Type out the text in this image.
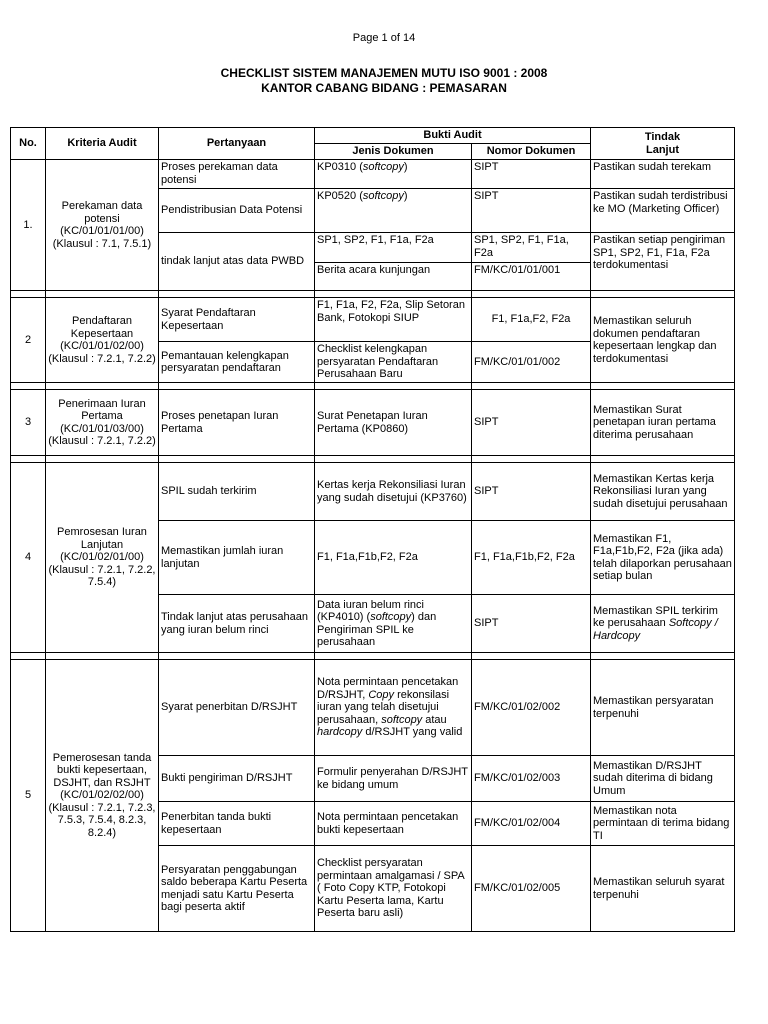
Page 1 of 14
CHECKLIST SISTEM MANAJEMEN MUTU ISO 9001 : 2008
KANTOR CABANG BIDANG : PEMASARAN
No.	Kriteria Audit	Pertanyaan	Bukti Audit		Tindak
Lanjut

			Jenis Dokumen	Nomor Dokumen	
1.	Perekaman data potensi (KC/01/01/01/00) (Klausul : 7.1, 7.5.1)	Proses perekaman data potensi	KP0310 (softcopy)	SIPT	Pastikan sudah terekam
		Pendistribusian Data Potensi	KP0520 (softcopy)	SIPT	Pastikan sudah terdistribusi ke MO (Marketing Officer)
		tindak lanjut atas data PWBD	SP1, SP2, F1, F1a, F2a	SP1, SP2, F1, F1a, F2a	Pastikan setiap pengiriman SP1, SP2, F1, F1a, F2a terdokumentasi
			Berita acara kunjungan	FM/KC/01/01/001	

2	Pendaftaran Kepesertaan (KC/01/01/02/00) (Klausul : 7.2.1, 7.2.2)	Syarat Pendaftaran Kepesertaan	F1, F1a, F2, F2a, Slip Setoran Bank, Fotokopi SIUP	F1, F1a,F2, F2a	Memastikan seluruh dokumen pendaftaran kepesertaan lengkap dan terdokumentasi
		Pemantauan kelengkapan persyaratan pendaftaran	Checklist kelengkapan persyaratan Pendaftaran Perusahaan Baru	FM/KC/01/01/002	

3	Penerimaan Iuran Pertama (KC/01/01/03/00) (Klausul : 7.2.1, 7.2.2)	Proses penetapan Iuran Pertama	Surat Penetapan Iuran Pertama (KP0860)	SIPT	Memastikan Surat penetapan iuran pertama diterima perusahaan

4	Pemrosesan Iuran Lanjutan (KC/01/02/01/00) (Klausul : 7.2.1, 7.2.2, 7.5.4)	SPIL sudah terkirim	Kertas kerja Rekonsiliasi Iuran yang sudah disetujui (KP3760)	SIPT	Memastikan Kertas kerja Rekonsiliasi Iuran yang sudah disetujui perusahaan
		Memastikan jumlah iuran lanjutan	F1, F1a,F1b,F2, F2a	F1, F1a,F1b,F2, F2a	Memastikan F1, F1a,F1b,F2, F2a (jika ada) telah dilaporkan perusahaan setiap bulan
		Tindak lanjut atas perusahaan yang iuran belum rinci	Data iuran belum rinci (KP4010) (softcopy) dan Pengiriman SPIL ke perusahaan	SIPT	Memastikan SPIL terkirim ke perusahaan Softcopy / Hardcopy

5	Pemerosesan tanda bukti kepesertaan, DSJHT, dan RSJHT (KC/01/02/02/00) (Klausul : 7.2.1, 7.2.3, 7.5.3, 7.5.4, 8.2.3, 8.2.4)	Syarat penerbitan D/RSJHT	Nota permintaan pencetakan D/RSJHT, Copy rekonsilasi iuran yang telah disetujui perusahaan, softcopy atau hardcopy d/RSJHT yang valid	FM/KC/01/02/002	Memastikan persyaratan terpenuhi
		Bukti pengiriman D/RSJHT	Formulir penyerahan D/RSJHT ke bidang umum	FM/KC/01/02/003	Memastikan D/RSJHT sudah diterima di bidang Umum
		Penerbitan tanda bukti kepesertaan	Nota permintaan pencetakan bukti kepesertaan	FM/KC/01/02/004	Memastikan nota permintaan di terima bidang TI
		Persyaratan penggabungan saldo beberapa Kartu Peserta menjadi satu Kartu Peserta bagi peserta aktif	Checklist persyaratan permintaan amalgamasi / SPA ( Foto Copy KTP, Fotokopi Kartu Peserta lama, Kartu Peserta baru asli)	FM/KC/01/02/005	Memastikan seluruh syarat terpenuhi
